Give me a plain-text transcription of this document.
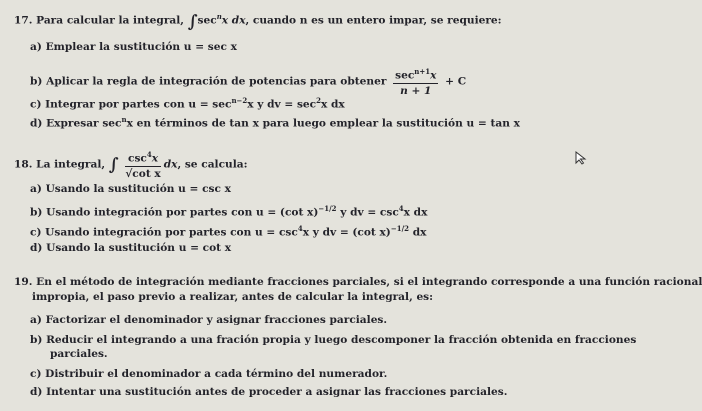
17. Para calcular la integral, $\int\sec^nx$ dx, cuando n es un entero impar, se requiere:
a) Emplear la sustitución u = sec x
b) Aplicar la regla de integración de potencias para obtener $\frac{\sec^{n+1}x}{n + 1} + C$
c) Integrar por partes con $u = \sec^{n-2}x$ y dv = $\sec^2x$ dx
d) Expresar $\sec^nx$ en términos de tan x para luego emplear la sustitución u = tan x
18. La integral, ∫ $\frac{\csc^4x}{\text{√cot x}}$ dx, se calcula:
a) Usando la sustitución u = csc x
b) Usando integración por partes con u = (cot x)$^{-1/2}$ y dv = $\csc^4x$ dx
c) Usando integración por partes con $u = \csc^4x$ y dv = (cot x)$^{-1/2}$ dx
d) Usando la sustitución u = cot x
19. En el método de integración mediante fracciones parciales, si el integrando corresponde a una función racional
impropia, el paso previo a realizar, antes de calcular la integral, es:
a) Factorizar el denominador y asignar fracciones parciales.
b) Reducir el integrando a una fración propia y luego descomponer la fracción obtenida en fracciones
parciales.
c) Distribuir el denominador a cada término del numerador.
d) Intentar una sustitución antes de proceder a asignar las fracciones parciales.
